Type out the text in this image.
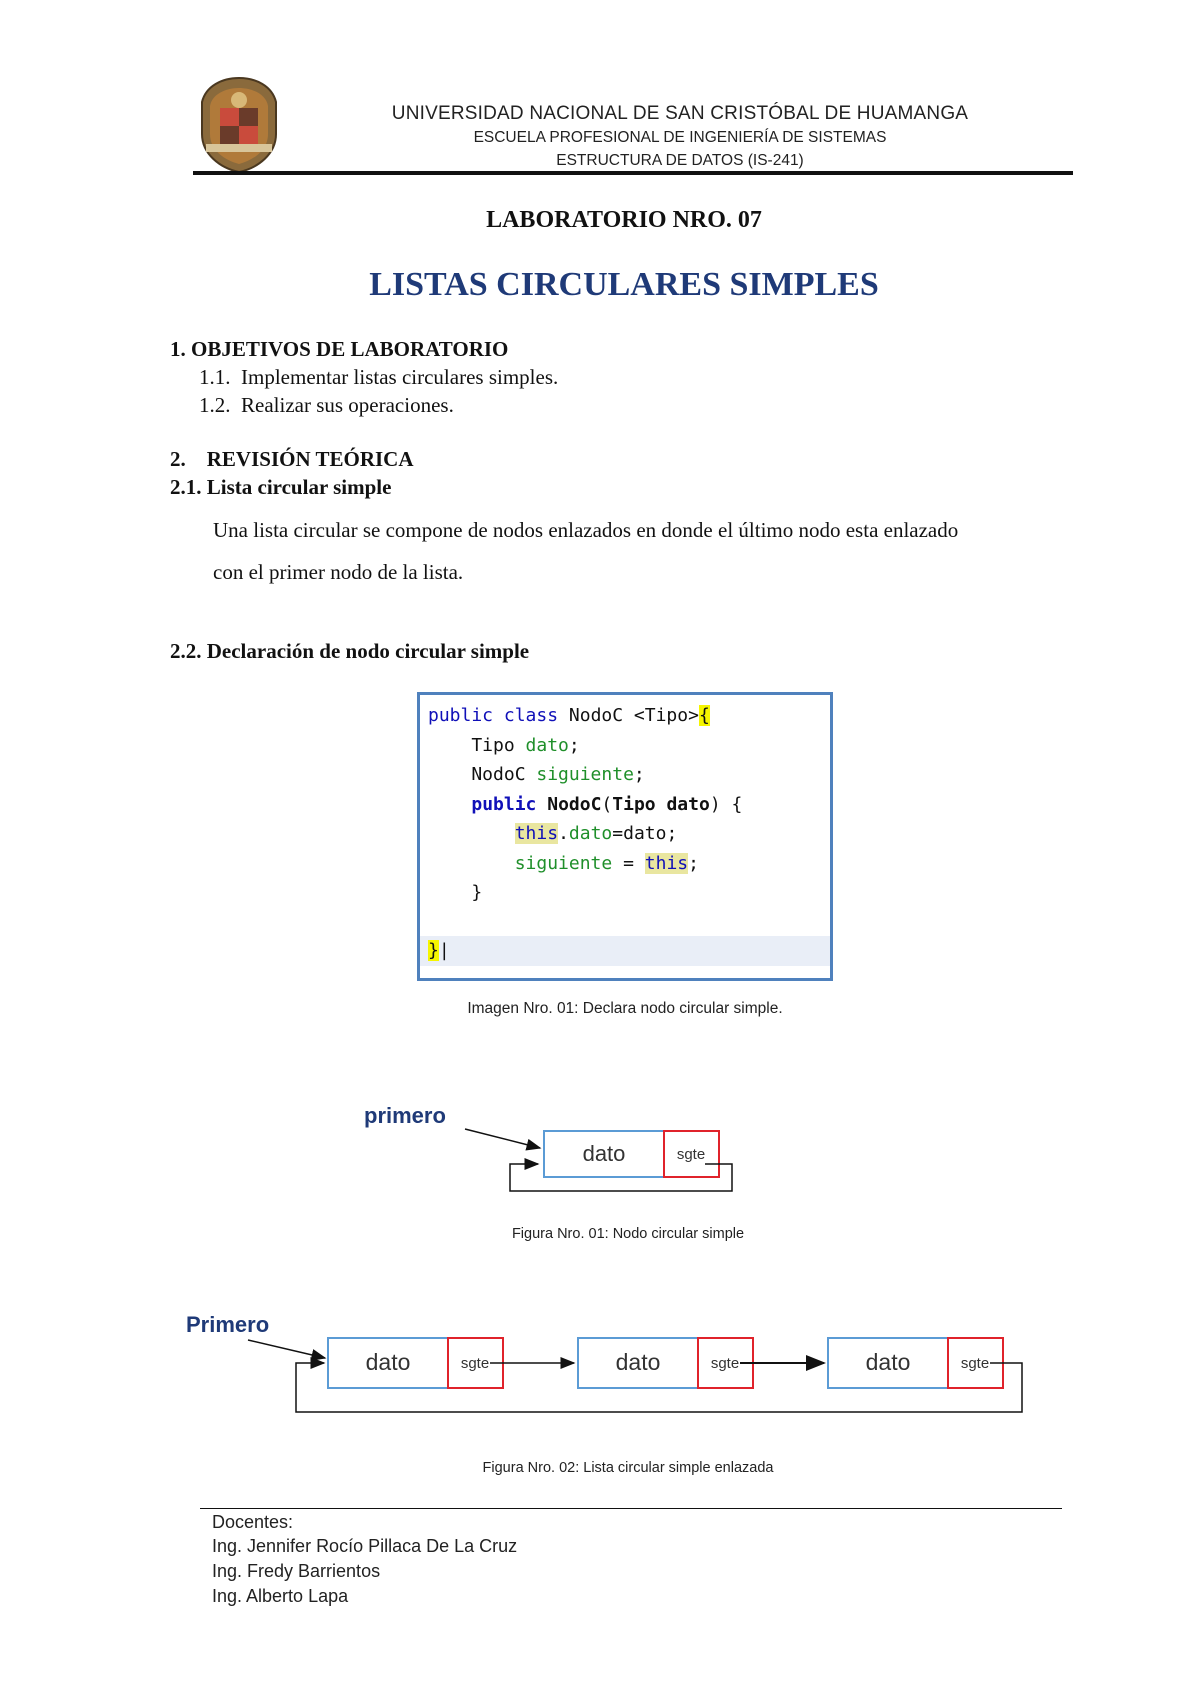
UNIVERSIDAD NACIONAL DE SAN CRISTÓBAL DE HUAMANGA
ESCUELA PROFESIONAL DE INGENIERÍA DE SISTEMAS
ESTRUCTURA DE DATOS (IS-241)
LABORATORIO NRO. 07
LISTAS CIRCULARES SIMPLES
1. OBJETIVOS DE LABORATORIO
1.1.  Implementar listas circulares simples.
1.2.  Realizar sus operaciones.
2.    REVISIÓN TEÓRICA
2.1. Lista circular simple
Una lista circular se compone de nodos enlazados en donde el último nodo esta enlazado
con el primer nodo de la lista.
2.2. Declaración de nodo circular simple
public class NodoC <Tipo>{
Tipo dato;
NodoC siguiente;
public NodoC(Tipo dato) {
this.dato=dato;
siguiente = this;
}
}|
Imagen Nro. 01: Declara nodo circular simple.
primero
dato	sgte
Figura Nro. 01: Nodo circular simple
Primero
dato	sgte	dato	sgte	dato	sgte
Figura Nro. 02: Lista circular simple enlazada
Docentes:
Ing. Jennifer Rocío Pillaca De La Cruz
Ing. Fredy Barrientos
Ing. Alberto Lapa
